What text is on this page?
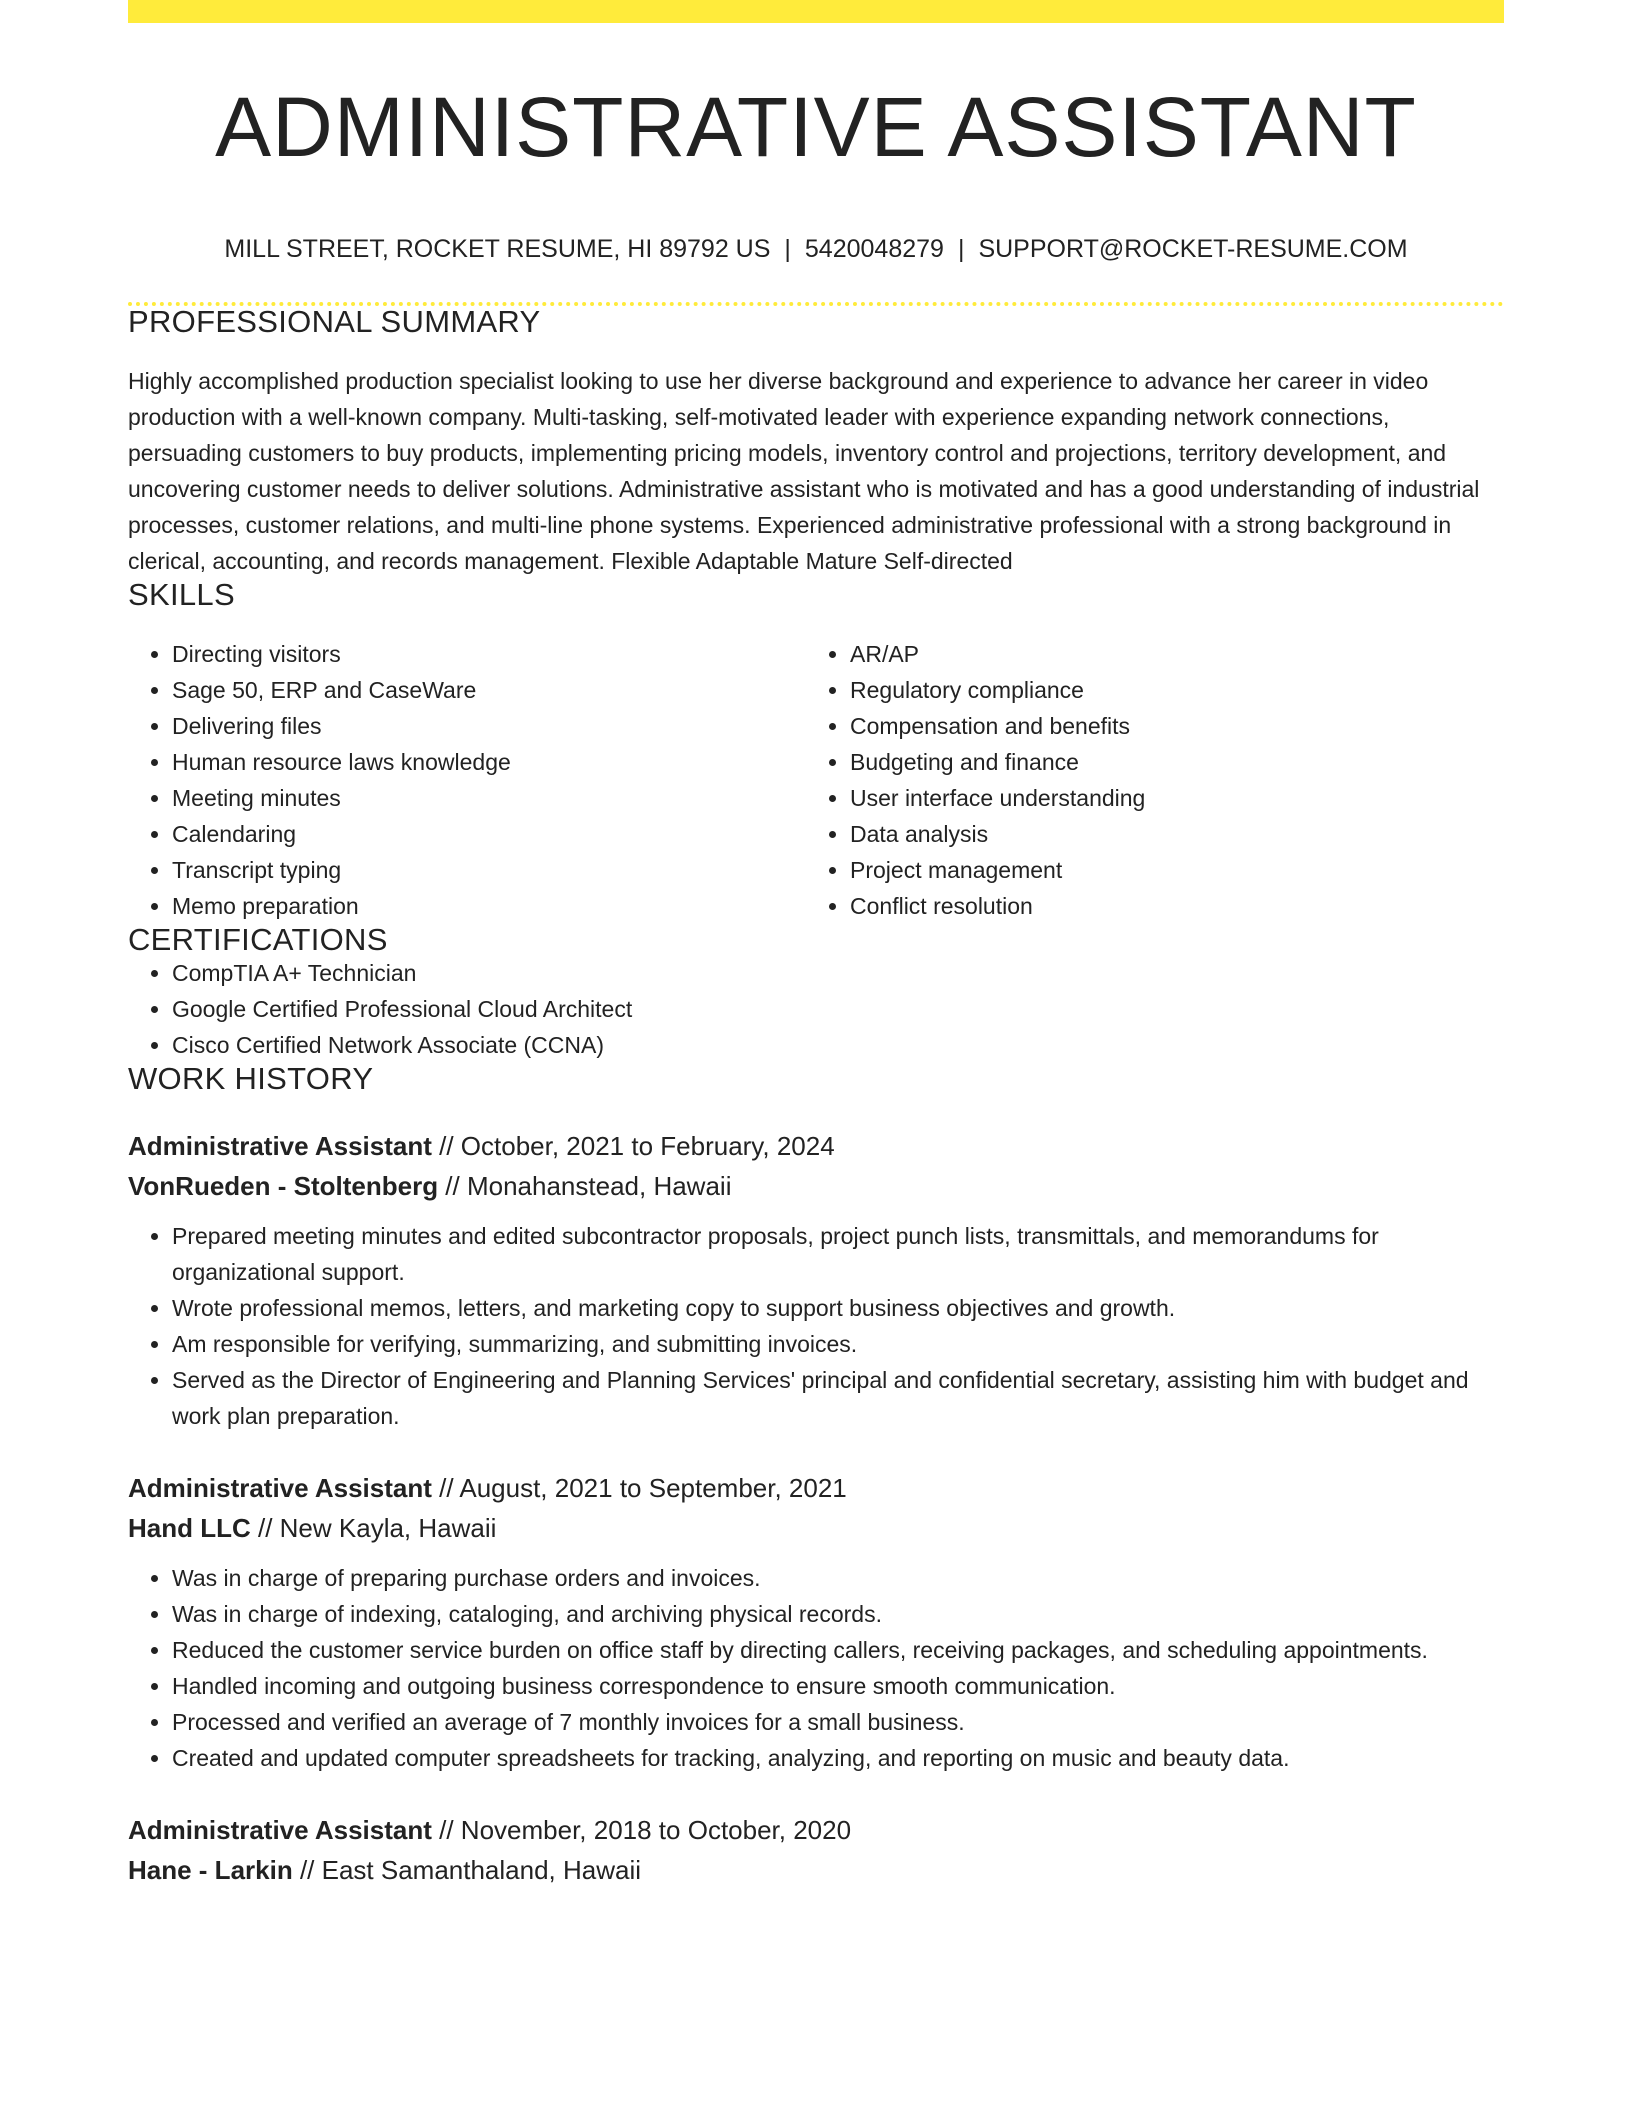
ADMINISTRATIVE ASSISTANT
MILL STREET, ROCKET RESUME, HI 89792 US | 5420048279 | SUPPORT@ROCKET-RESUME.COM
PROFESSIONAL SUMMARY

Highly accomplished production specialist looking to use her diverse background and experience to advance her career in video production with a well-known company. Multi-tasking, self-motivated leader with experience expanding network connections, persuading customers to buy products, implementing pricing models, inventory control and projections, territory development, and uncovering customer needs to deliver solutions. Administrative assistant who is motivated and has a good understanding of industrial processes, customer relations, and multi-line phone systems. Experienced administrative professional with a strong background in clerical, accounting, and records management. Flexible Adaptable Mature Self-directed

SKILLS
• Directing visitors
• Sage 50, ERP and CaseWare
• Delivering files
• Human resource laws knowledge
• Meeting minutes
• Calendaring
• Transcript typing
• Memo preparation
• AR/AP
• Regulatory compliance
• Compensation and benefits
• Budgeting and finance
• User interface understanding
• Data analysis
• Project management
• Conflict resolution
CERTIFICATIONS
• CompTIA A+ Technician
• Google Certified Professional Cloud Architect
• Cisco Certified Network Associate (CCNA)
WORK HISTORY
Administrative Assistant // October, 2021 to February, 2024
VonRueden - Stoltenberg // Monahanstead, Hawaii
• Prepared meeting minutes and edited subcontractor proposals, project punch lists, transmittals, and memorandums for organizational support.
• Wrote professional memos, letters, and marketing copy to support business objectives and growth.
• Am responsible for verifying, summarizing, and submitting invoices.
• Served as the Director of Engineering and Planning Services' principal and confidential secretary, assisting him with budget and work plan preparation.
Administrative Assistant // August, 2021 to September, 2021
Hand LLC // New Kayla, Hawaii
• Was in charge of preparing purchase orders and invoices.
• Was in charge of indexing, cataloging, and archiving physical records.
• Reduced the customer service burden on office staff by directing callers, receiving packages, and scheduling appointments.
• Handled incoming and outgoing business correspondence to ensure smooth communication.
• Processed and verified an average of 7 monthly invoices for a small business.
• Created and updated computer spreadsheets for tracking, analyzing, and reporting on music and beauty data.
Administrative Assistant // November, 2018 to October, 2020
Hane - Larkin // East Samanthaland, Hawaii
